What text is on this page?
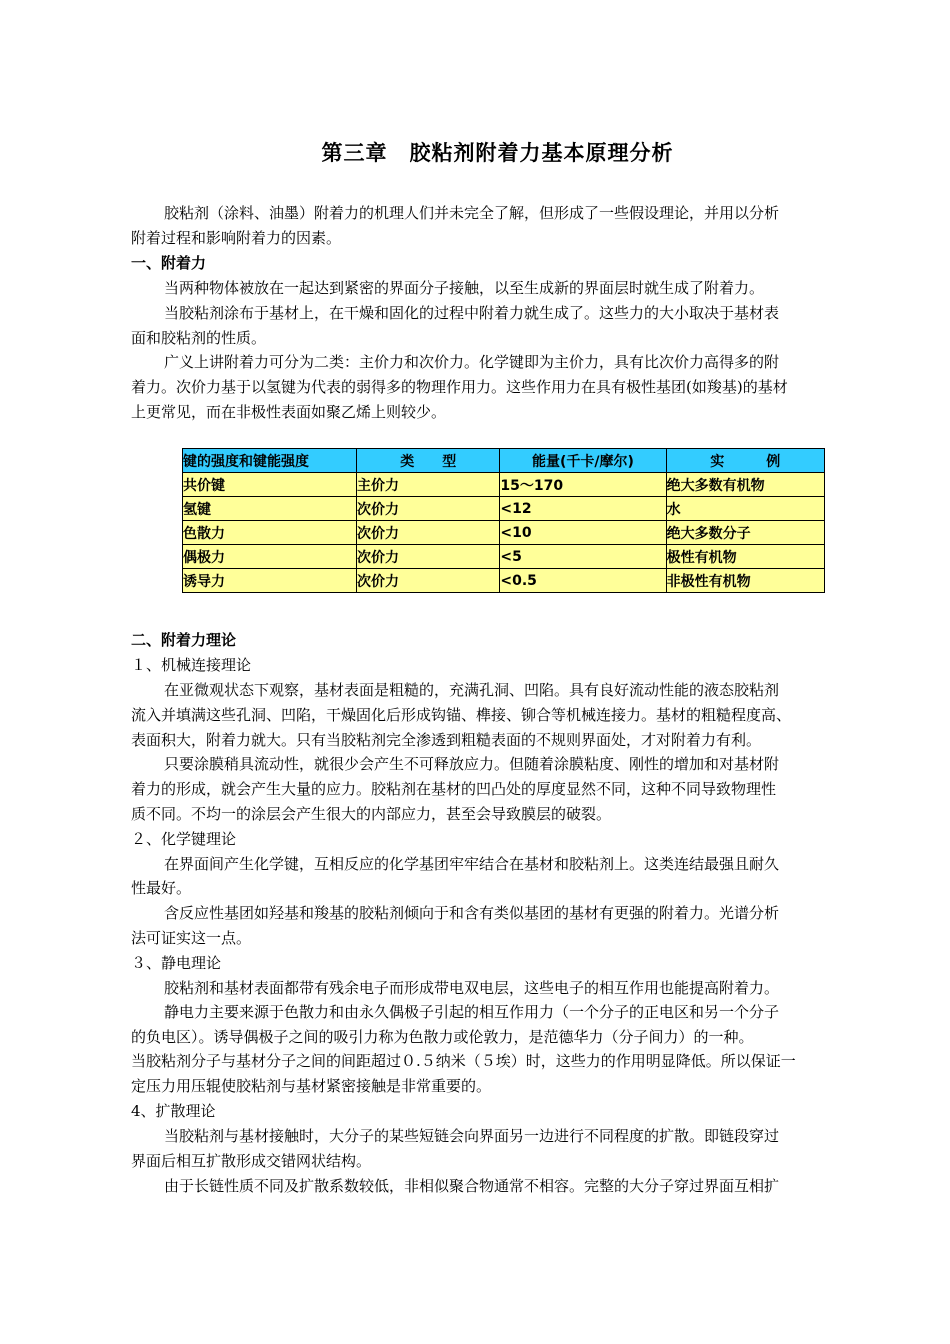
第三章　胶粘剂附着力基本原理分析
胶粘剂（涂料、油墨）附着力的机理人们并未完全了解，但形成了一些假设理论，并用以分析
附着过程和影响附着力的因素。
一、附着力
当两种物体被放在一起达到紧密的界面分子接触，以至生成新的界面层时就生成了附着力。
当胶粘剂涂布于基材上，在干燥和固化的过程中附着力就生成了。这些力的大小取决于基材表
面和胶粘剂的性质。
广义上讲附着力可分为二类：主价力和次价力。化学键即为主价力，具有比次价力高得多的附
着力。次价力基于以氢键为代表的弱得多的物理作用力。这些作用力在具有极性基团(如羧基)的基材
上更常见，而在非极性表面如聚乙烯上则较少。
键的强度和键能强度	类　　型	能量(千卡/摩尔)	实　　　例
共价键	主价力	15～170	绝大多数有机物
氢键	次价力	<12	水
色散力	次价力	<10	绝大多数分子
偶极力	次价力	<5	极性有机物
诱导力	次价力	<0.5	非极性有机物
二、附着力理论
１、机械连接理论
在亚微观状态下观察，基材表面是粗糙的，充满孔洞、凹陷。具有良好流动性能的液态胶粘剂
流入并填满这些孔洞、凹陷，干燥固化后形成钩锚、榫接、铆合等机械连接力。基材的粗糙程度高、
表面积大，附着力就大。只有当胶粘剂完全渗透到粗糙表面的不规则界面处，才对附着力有利。
只要涂膜稍具流动性，就很少会产生不可释放应力。但随着涂膜粘度、刚性的增加和对基材附
着力的形成，就会产生大量的应力。胶粘剂在基材的凹凸处的厚度显然不同，这种不同导致物理性
质不同。不均一的涂层会产生很大的内部应力，甚至会导致膜层的破裂。
２、化学键理论
在界面间产生化学键，互相反应的化学基团牢牢结合在基材和胶粘剂上。这类连结最强且耐久
性最好。
含反应性基团如羟基和羧基的胶粘剂倾向于和含有类似基团的基材有更强的附着力。光谱分析
法可证实这一点。
３、静电理论
胶粘剂和基材表面都带有残余电子而形成带电双电层，这些电子的相互作用也能提高附着力。
静电力主要来源于色散力和由永久偶极子引起的相互作用力（一个分子的正电区和另一个分子
的负电区）。诱导偶极子之间的吸引力称为色散力或伦敦力，是范德华力（分子间力）的一种。
当胶粘剂分子与基材分子之间的间距超过０.５纳米（５埃）时，这些力的作用明显降低。所以保证一
定压力用压辊使胶粘剂与基材紧密接触是非常重要的。
4、扩散理论
当胶粘剂与基材接触时，大分子的某些短链会向界面另一边进行不同程度的扩散。即链段穿过
界面后相互扩散形成交错网状结构。
由于长链性质不同及扩散系数较低，非相似聚合物通常不相容。完整的大分子穿过界面互相扩
